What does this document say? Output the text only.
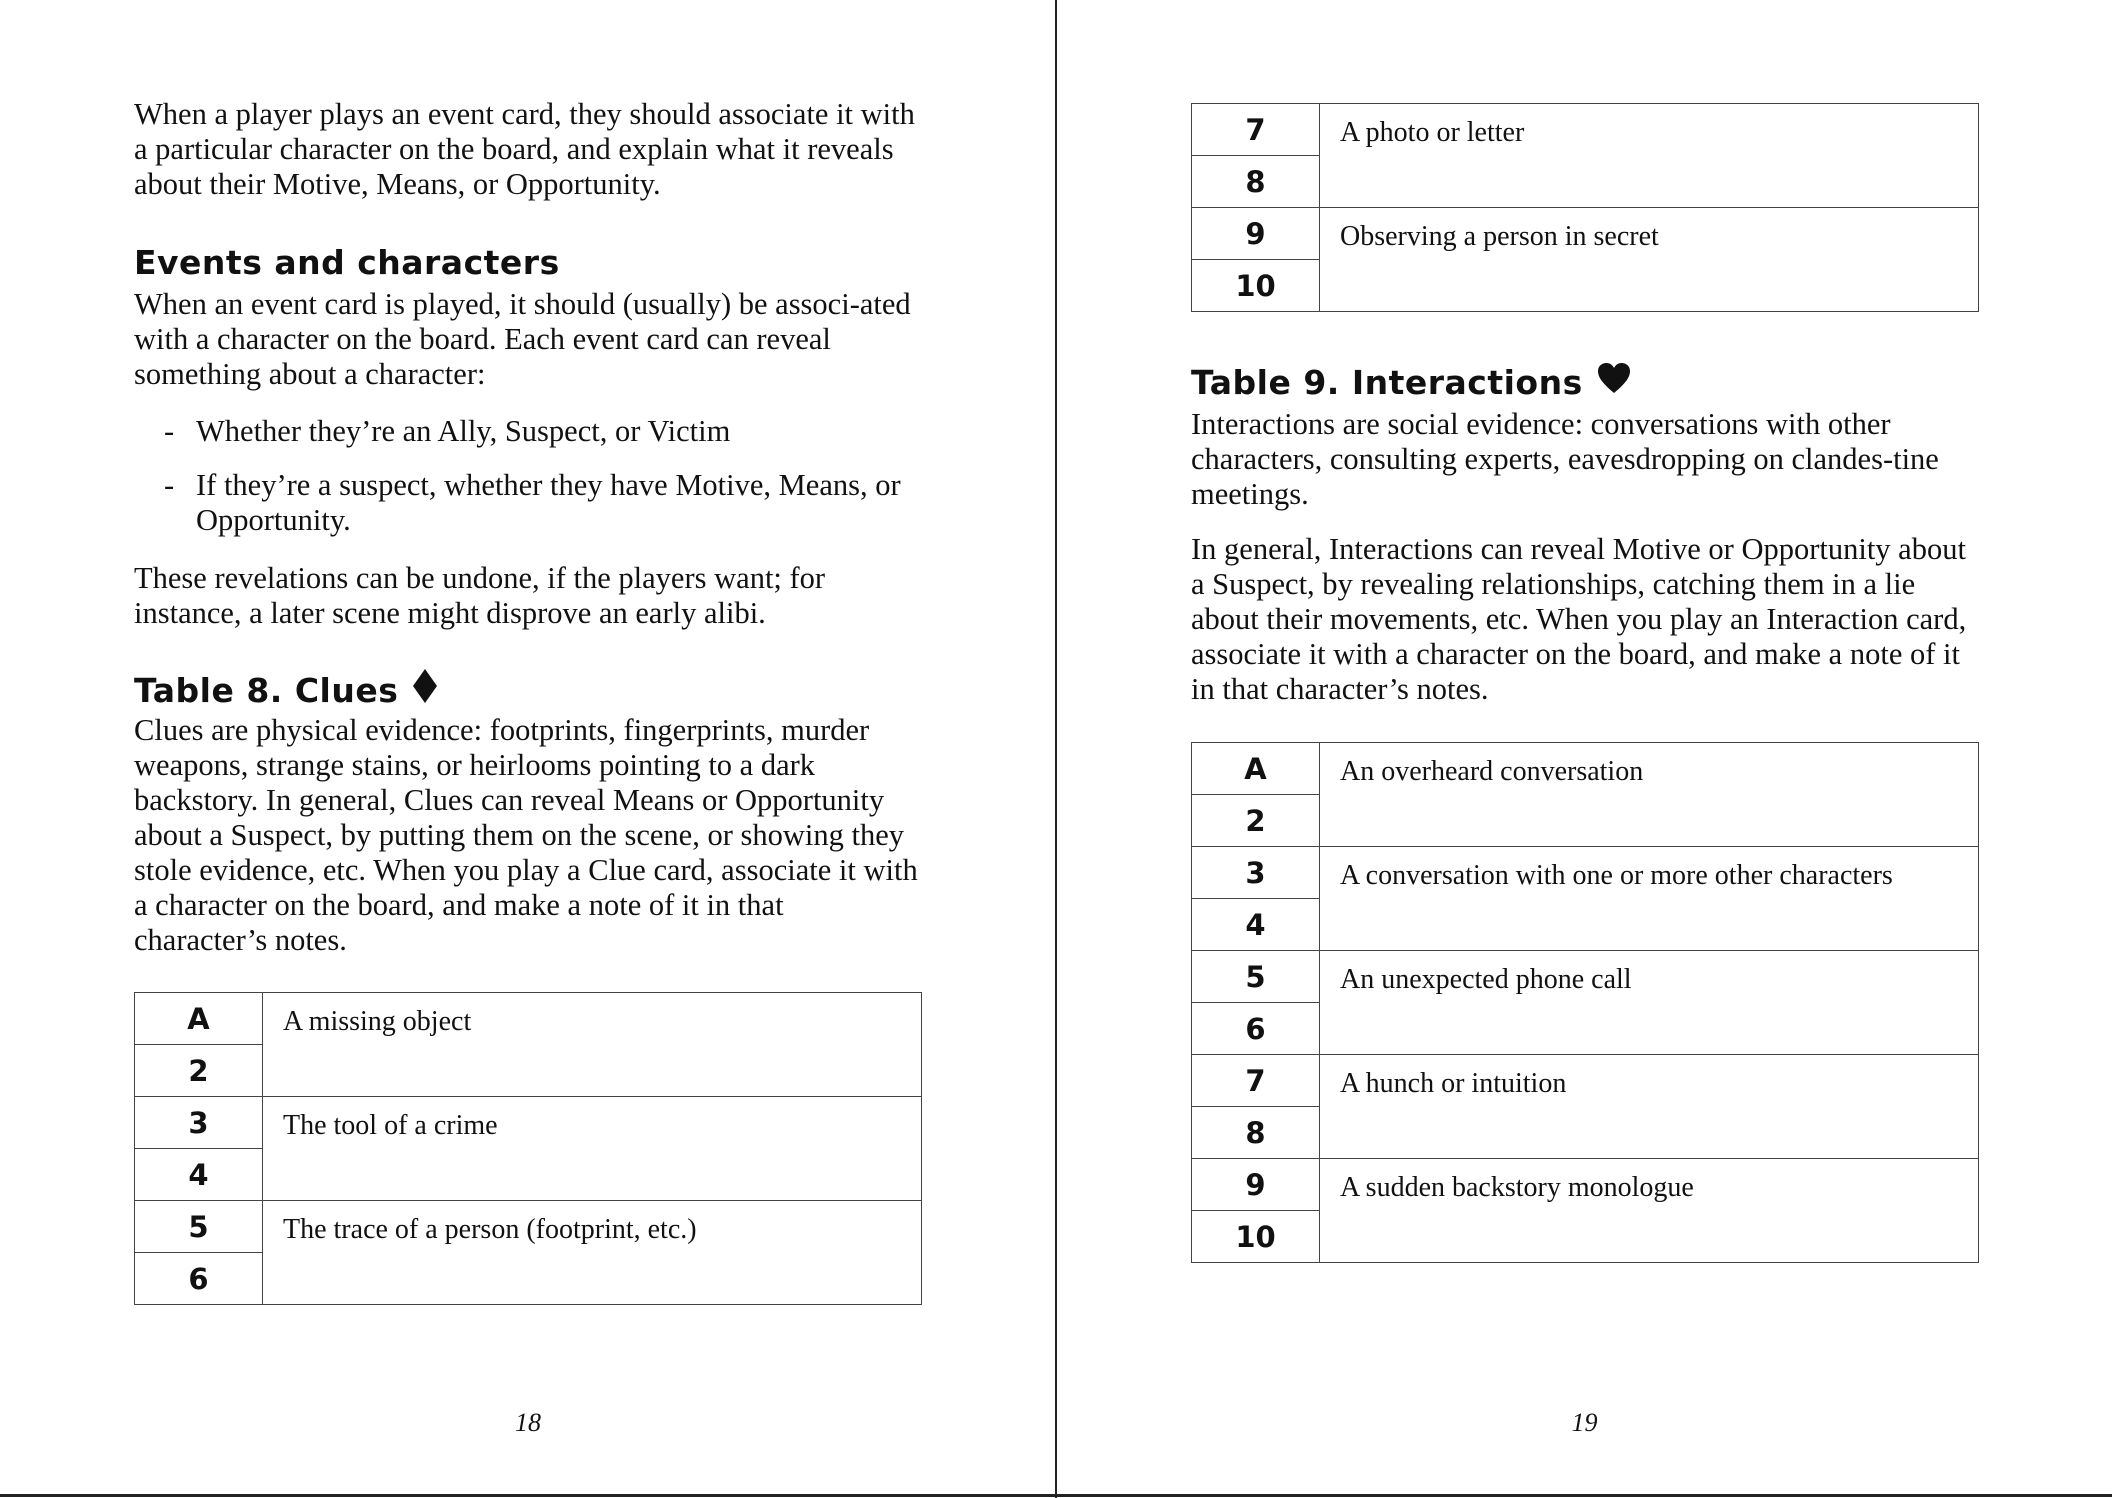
When a player plays an event card, they should associate it with a particular character on the board, and explain what it reveals about their Motive, Means, or Opportunity.

Events and characters

When an event card is played, it should (usually) be associ-ated with a character on the board. Each event card can reveal something about a character:

- Whether they’re an Ally, Suspect, or Victim
- If they’re a suspect, whether they have Motive, Means, or Opportunity.

These revelations can be undone, if the players want; for instance, a later scene might disprove an early alibi.

Table 8. Clues

Clues are physical evidence: footprints, fingerprints, murder weapons, strange stains, or heirlooms pointing to a dark backstory. In general, Clues can reveal Means or Opportunity about a Suspect, by putting them on the scene, or showing they stole evidence, etc. When you play a Clue card, associate it with a character on the board, and make a note of it in that character’s notes.

A	A missing object
2	
3	The tool of a crime
4	
5	The trace of a person (footprint, etc.)
6	
18
7	A photo or letter
8	
9	Observing a person in secret
10	
Table 9. Interactions

Interactions are social evidence: conversations with other characters, consulting experts, eavesdropping on clandes-tine meetings.

In general, Interactions can reveal Motive or Opportunity about a Suspect, by revealing relationships, catching them in a lie about their movements, etc. When you play an Interaction card, associate it with a character on the board, and make a note of it in that character’s notes.

A	An overheard conversation
2	
3	A conversation with one or more other characters
4	
5	An unexpected phone call
6	
7	A hunch or intuition
8	
9	A sudden backstory monologue
10	
19
